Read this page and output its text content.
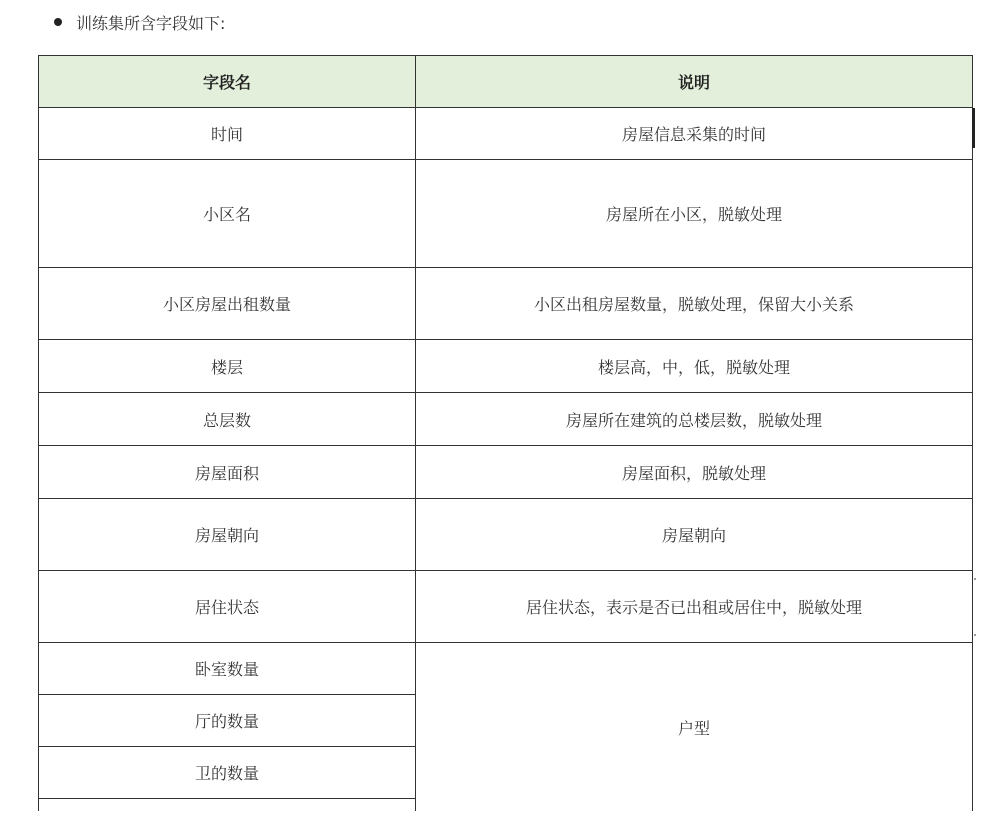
训练集所含字段如下:
字段名	说明
时间	房屋信息采集的时间
小区名	房屋所在小区，脱敏处理
小区房屋出租数量	小区出租房屋数量，脱敏处理，保留大小关系
楼层	楼层高，中，低，脱敏处理
总层数	房屋所在建筑的总楼层数，脱敏处理
房屋面积	房屋面积，脱敏处理
房屋朝向	房屋朝向
居住状态	居住状态，表示是否已出租或居住中，脱敏处理
卧室数量	户型
厅的数量	
卫的数量	
